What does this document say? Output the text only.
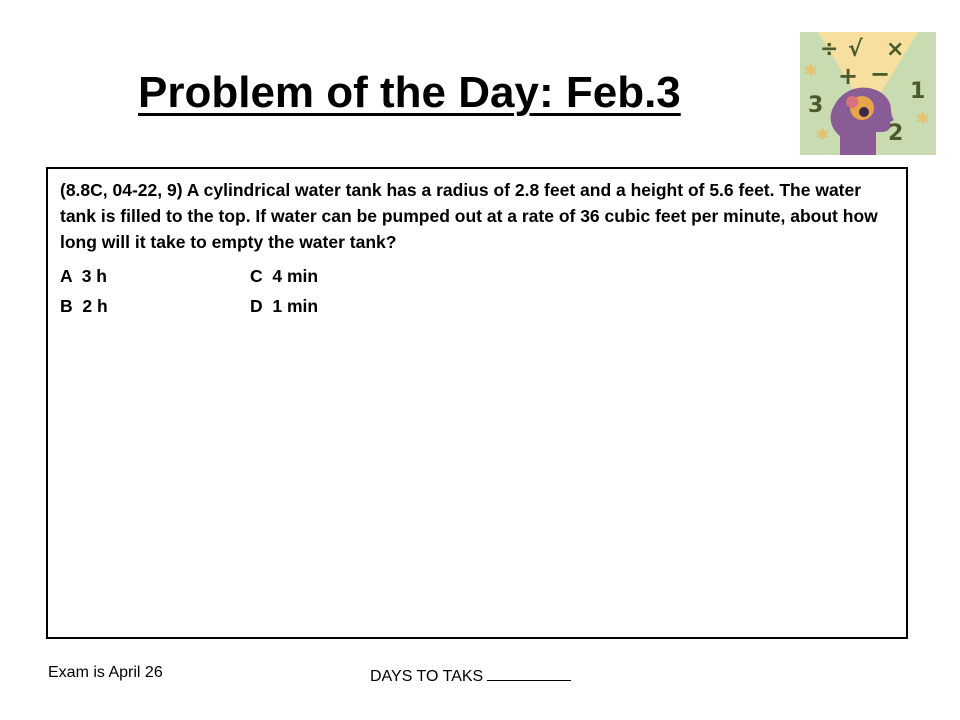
Problem of the Day: Feb.3
÷ √ ×
+ −
3
1
2
✱
✱
✱

(8.8C, 04-22, 9) A cylindrical water tank has a radius of 2.8 feet and a height of 5.6 feet. The water tank is filled to the top. If water can be pumped out at a rate of 36 cubic feet per minute, about how long will it take to empty the water tank?

A  3 h	C  4 min
B  2 h	D  1 min
Exam is April 26	DAYS TO TAKS
